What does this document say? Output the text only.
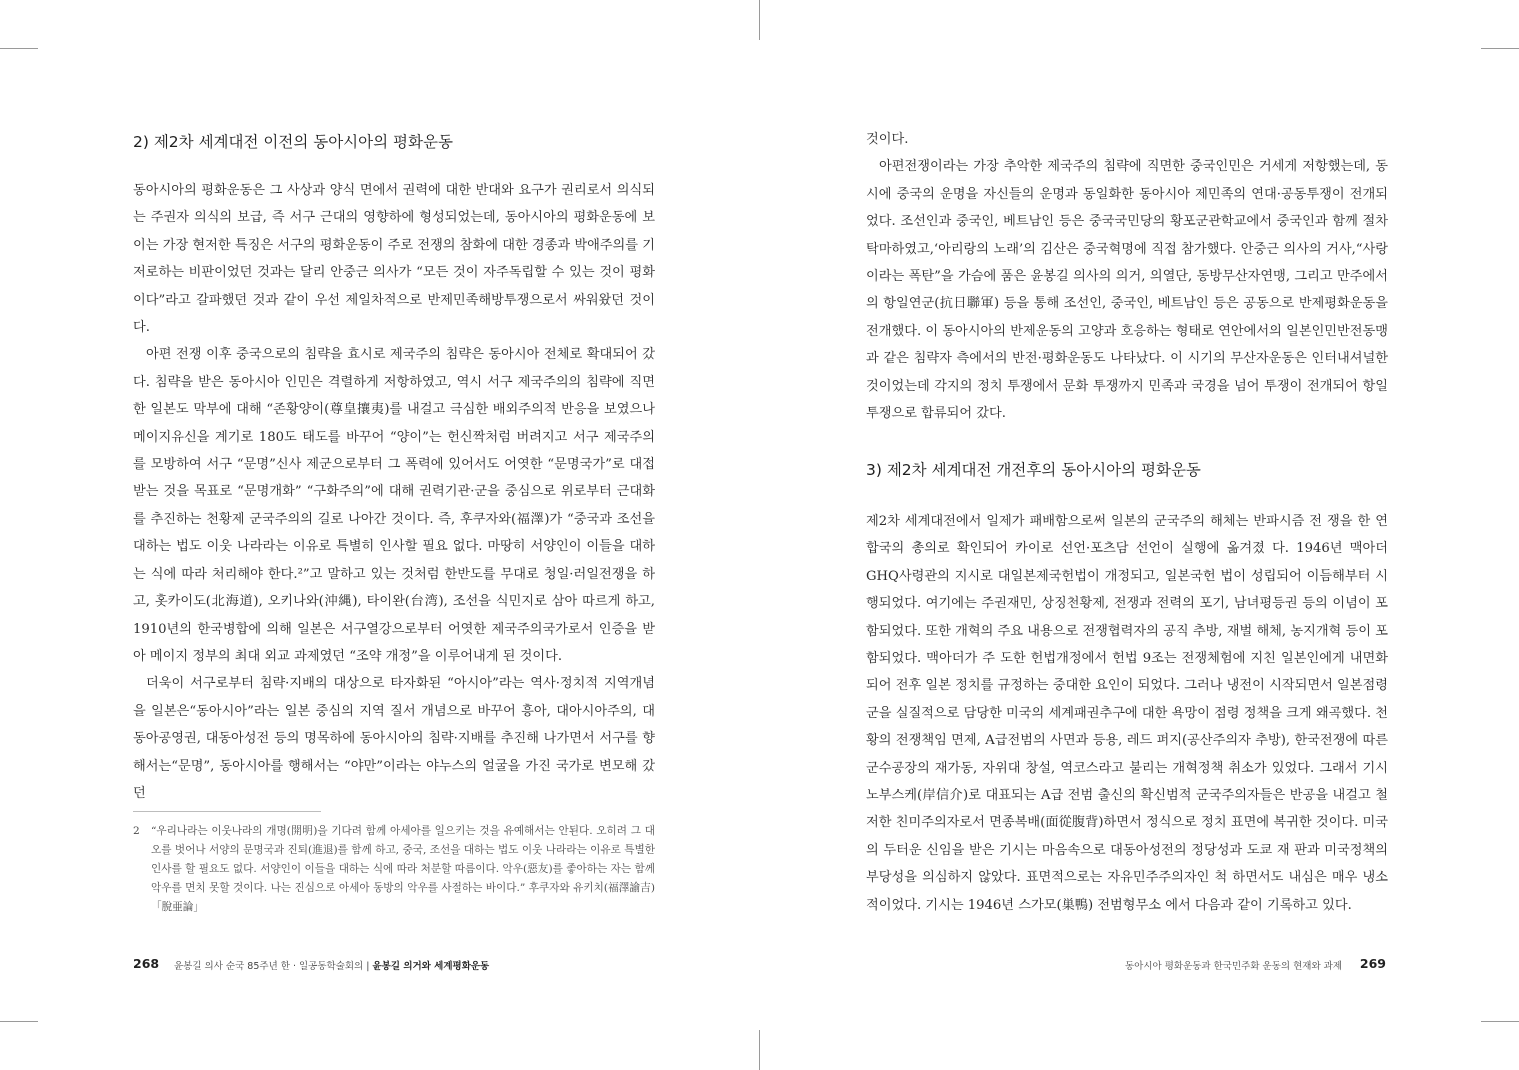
2) 제2차 세계대전 이전의 동아시아의 평화운동

동아시아의 평화운동은 그 사상과 양식 면에서 권력에 대한 반대와 요구가 권리로서 의식되는 주권자 의식의 보급, 즉 서구 근대의 영향하에 형성되었는데, 동아시아의 평화운동에 보이는 가장 현저한 특징은 서구의 평화운동이 주로 전쟁의 참화에 대한 경종과 박애주의를 기저로하는 비판이었던 것과는 달리 안중근 의사가 “모든 것이 자주독립할 수 있는 것이 평화이다”라고 갈파했던 것과 같이 우선 제일차적으로 반제민족해방투쟁으로서 싸워왔던 것이다.

아편 전쟁 이후 중국으로의 침략을 효시로 제국주의 침략은 동아시아 전체로 확대되어 갔다. 침략을 받은 동아시아 인민은 격렬하게 저항하였고, 역시 서구 제국주의의 침략에 직면한 일본도 막부에 대해 “존황양이(尊皇攘夷)를 내걸고 극심한 배외주의적 반응을 보였으나 메이지유신을 계기로 180도 태도를 바꾸어 “양이”는 헌신짝처럼 버려지고 서구 제국주의를 모방하여 서구 “문명”신사 제군으로부터 그 폭력에 있어서도 어엿한 “문명국가”로 대접받는 것을 목표로 “문명개화” “구화주의”에 대해 권력기관·군을 중심으로 위로부터 근대화를 추진하는 천황제 군국주의의 길로 나아간 것이다. 즉, 후쿠자와(福澤)가 “중국과 조선을 대하는 법도 이웃 나라라는 이유로 특별히 인사할 필요 없다. 마땅히 서양인이 이들을 대하는 식에 따라 처리해야 한다.²”고 말하고 있는 것처럼 한반도를 무대로 청일·러일전쟁을 하고, 홋카이도(北海道), 오키나와(沖縄), 타이완(台湾), 조선을 식민지로 삼아 따르게 하고, 1910년의 한국병합에 의해 일본은 서구열강으로부터 어엿한 제국주의국가로서 인증을 받아 메이지 정부의 최대 외교 과제였던 “조약 개정”을 이루어내게 된 것이다.

더욱이 서구로부터 침략·지배의 대상으로 타자화된 “아시아”라는 역사·정치적 지역개념을 일본은“동아시아”라는 일본 중심의 지역 질서 개념으로 바꾸어 흥아, 대아시아주의, 대동아공영권, 대동아성전 등의 명목하에 동아시아의 침략·지배를 추진해 나가면서 서구를 향해서는“문명”, 동아시아를 행해서는 “야만”이라는 야누스의 얼굴을 가진 국가로 변모해 갔던

2 “우리나라는 이웃나라의 개명(開明)을 기다려 함께 아세아를 일으키는 것을 유예해서는 안된다. 오히려 그 대오를 벗어나 서양의 문명국과 진퇴(進退)를 함께 하고, 중국, 조선을 대하는 법도 이웃 나라라는 이유로 특별한 인사를 할 필요도 없다. 서양인이 이들을 대하는 식에 따라 처분할 따름이다. 악우(惡友)를 좋아하는 자는 함께 악우를 면치 못할 것이다. 나는 진심으로 아세아 동방의 악우를 사절하는 바이다.” 후쿠자와 유키치(福澤諭吉)「脫亜論」
268 윤봉길 의사 순국 85주년 한 · 일공동학술회의 | 윤봉길 의거와 세계평화운동

것이다.

아편전쟁이라는 가장 추악한 제국주의 침략에 직면한 중국인민은 거세게 저항했는데, 동시에 중국의 운명을 자신들의 운명과 동일화한 동아시아 제민족의 연대·공동투쟁이 전개되었다. 조선인과 중국인, 베트남인 등은 중국국민당의 황포군관학교에서 중국인과 함께 절차탁마하였고,‘아리랑의 노래’의 김산은 중국혁명에 직접 참가했다. 안중근 의사의 거사,“사랑이라는 폭탄”을 가슴에 품은 윤봉길 의사의 의거, 의열단, 동방무산자연맹, 그리고 만주에서의 항일연군(抗日聯軍) 등을 통해 조선인, 중국인, 베트남인 등은 공동으로 반제평화운동을 전개했다. 이 동아시아의 반제운동의 고양과 호응하는 형태로 연안에서의 일본인민반전동맹과 같은 침략자 측에서의 반전·평화운동도 나타났다. 이 시기의 무산자운동은 인터내셔널한 것이었는데 각지의 정치 투쟁에서 문화 투쟁까지 민족과 국경을 넘어 투쟁이 전개되어 항일투쟁으로 합류되어 갔다.

3) 제2차 세계대전 개전후의 동아시아의 평화운동

제2차 세계대전에서 일제가 패배함으로써 일본의 군국주의 해체는 반파시즘 전 쟁을 한 연합국의 총의로 확인되어 카이로 선언·포츠담 선언이 실행에 옮겨졌 다. 1946년 맥아더 GHQ사령관의 지시로 대일본제국헌법이 개정되고, 일본국헌 법이 성립되어 이듬해부터 시행되었다. 여기에는 주권재민, 상징천황제, 전쟁과 전력의 포기, 남녀평등권 등의 이념이 포함되었다. 또한 개혁의 주요 내용으로 전쟁협력자의 공직 추방, 재벌 해체, 농지개혁 등이 포함되었다. 맥아더가 주 도한 헌법개정에서 헌법 9조는 전쟁체험에 지친 일본인에게 내면화되어 전후 일본 정치를 규정하는 중대한 요인이 되었다. 그러나 냉전이 시작되면서 일본점령군을 실질적으로 담당한 미국의 세계패권추구에 대한 욕망이 점령 정책을 크게 왜곡했다. 천황의 전쟁책임 면제, A급전범의 사면과 등용, 레드 퍼지(공산주의자 추방), 한국전쟁에 따른 군수공장의 재가동, 자위대 창설, 역코스라고 불리는 개혁정책 취소가 있었다. 그래서 기시 노부스케(岸信介)로 대표되는 A급 전범 출신의 확신범적 군국주의자들은 반공을 내걸고 철저한 친미주의자로서 면종복배(面從腹背)하면서 정식으로 정치 표면에 복귀한 것이다. 미국의 두터운 신임을 받은 기시는 마음속으로 대동아성전의 정당성과 도쿄 재 판과 미국정책의 부당성을 의심하지 않았다. 표면적으로는 자유민주주의자인 척 하면서도 내심은 매우 냉소적이었다. 기시는 1946년 스가모(巣鴨) 전범형무소 에서 다음과 같이 기록하고 있다.

동아시아 평화운동과 한국민주화 운동의 현재와 과제 269
